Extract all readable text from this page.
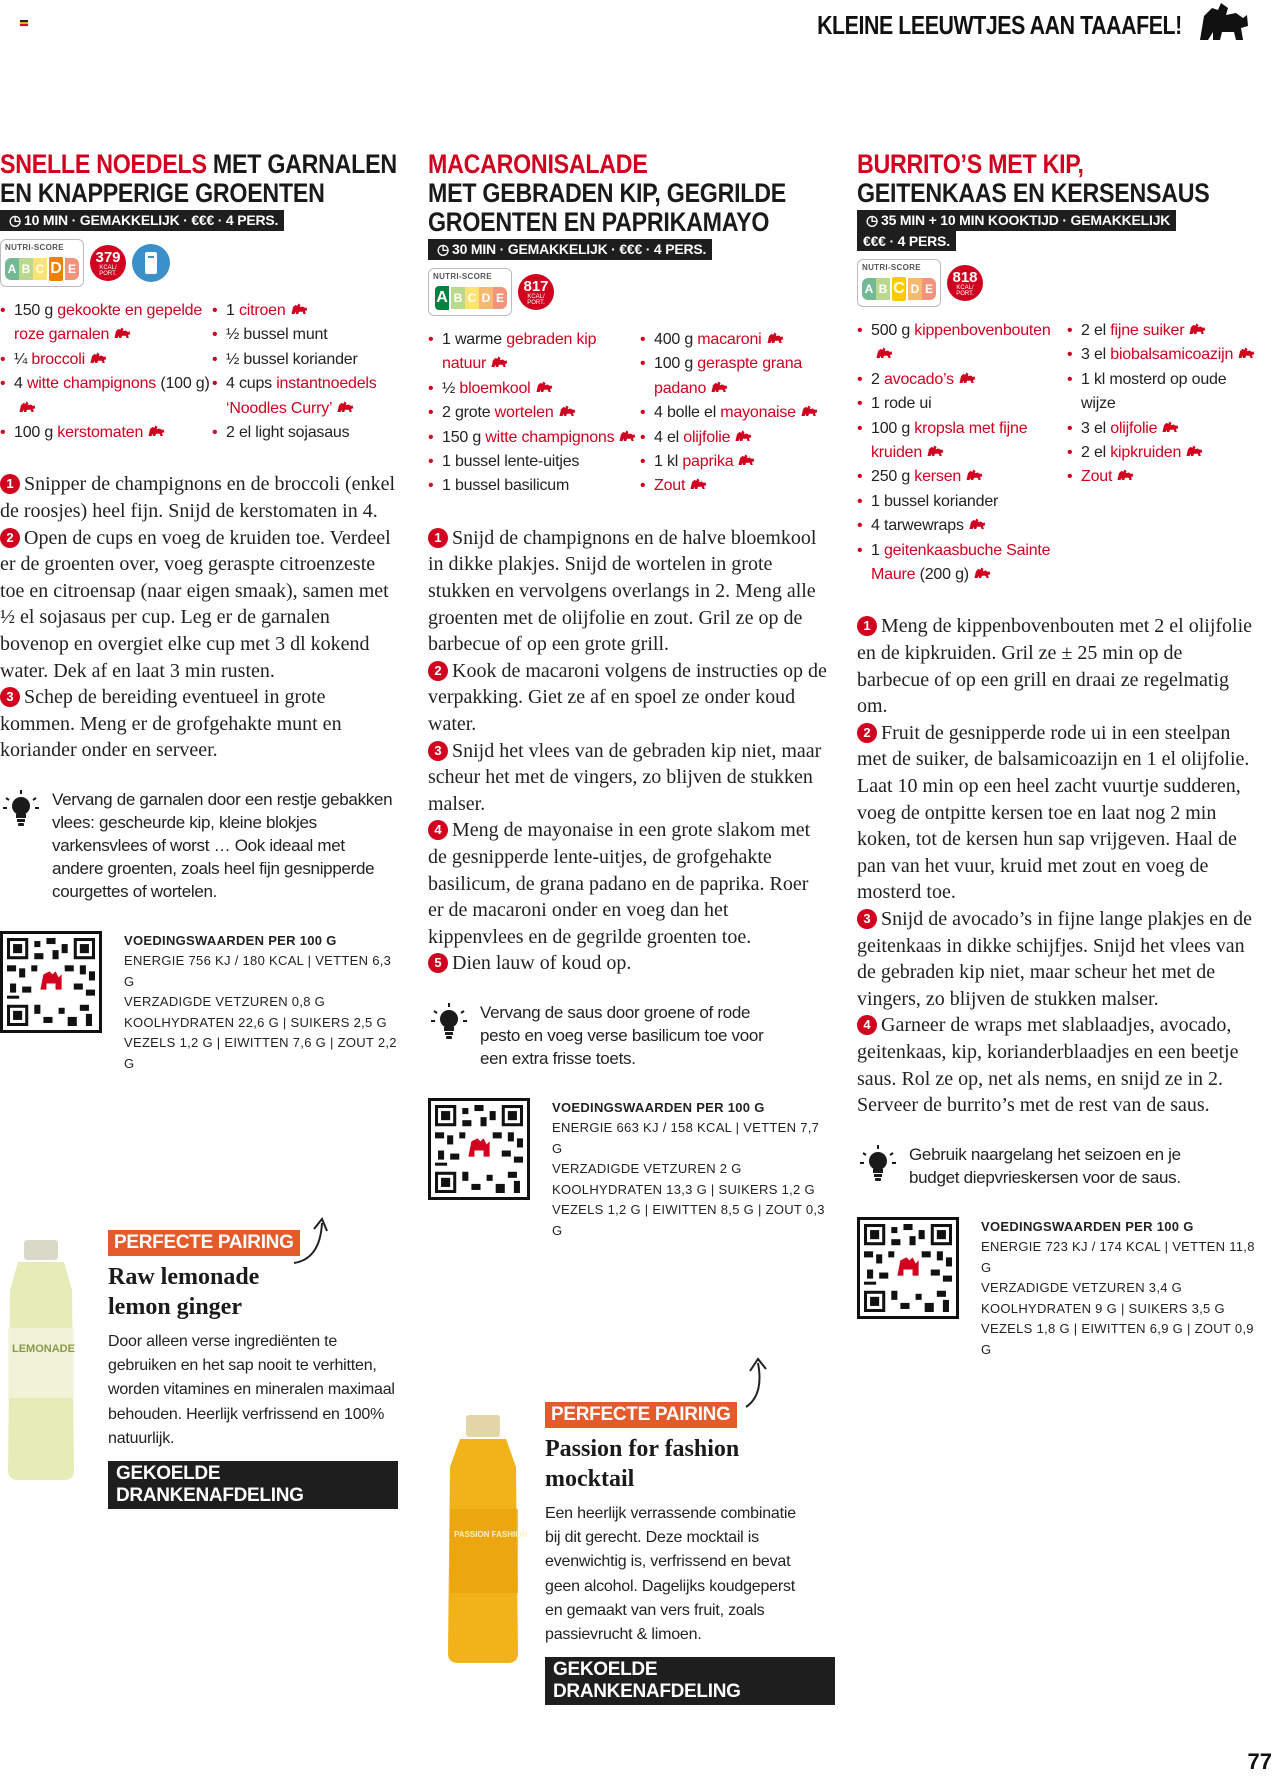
KLEINE LEEUWTJES AAN TAAAFEL!
SNELLE NOEDELS MET GARNALEN EN KNAPPERIGE GROENTEN
◷ 10 MIN · GEMAKKELIJK · €€€ · 4 PERS.
NUTRI-SCORE
A B C D E
379
KCAL/ PORT.
• 150 g gekookte en gepelde roze garnalen
• ¼ broccoli
• 4 witte champignons (100 g)
• 100 g kerstomaten
• 1 citroen
• ½ bussel munt
• ½ bussel koriander
• 4 cups instantnoedels ‘Noodles Curry’
• 2 el light sojasaus

1 Snipper de champignons en de broccoli (enkel de roosjes) heel fijn. Snijd de kerstomaten in 4.

2 Open de cups en voeg de kruiden toe. Verdeel er de groenten over, voeg geraspte citroenzeste toe en citroensap (naar eigen smaak), samen met ½ el sojasaus per cup. Leg er de garnalen bovenop en overgiet elke cup met 3 dl kokend water. Dek af en laat 3 min rusten.

3 Schep de bereiding eventueel in grote kommen. Meng er de grofgehakte munt en koriander onder en serveer.

Vervang de garnalen door een restje gebakken vlees: gescheurde kip, kleine blokjes varkensvlees of worst … Ook ideaal met andere groenten, zoals heel fijn gesnipperde courgettes of wortelen.
VOEDINGSWAARDEN PER 100 G
ENERGIE 756 KJ / 180 KCAL | VETTEN 6,3 G
VERZADIGDE VETZUREN 0,8 G
KOOLHYDRATEN 22,6 G | SUIKERS 2,5 G
VEZELS 1,2 G | EIWITTEN 7,6 G | ZOUT 2,2 G
MACARONISALADE
MET GEBRADEN KIP, GEGRILDE GROENTEN EN PAPRIKAMAYO
◷ 30 MIN · GEMAKKELIJK · €€€ · 4 PERS.
NUTRI-SCORE
A B C D E
817
KCAL/ PORT.
• 1 warme gebraden kip natuur
• ½ bloemkool
• 2 grote wortelen
• 150 g witte champignons
• 1 bussel lente-uitjes
• 1 bussel basilicum
• 400 g macaroni
• 100 g geraspte grana padano
• 4 bolle el mayonaise
• 4 el olijfolie
• 1 kl paprika
• Zout

1 Snijd de champignons en de halve bloemkool in dikke plakjes. Snijd de wortelen in grote stukken en vervolgens overlangs in 2. Meng alle groenten met de olijfolie en zout. Gril ze op de barbecue of op een grote grill.

2 Kook de macaroni volgens de instructies op de verpakking. Giet ze af en spoel ze onder koud water.

3 Snijd het vlees van de gebraden kip niet, maar scheur het met de vingers, zo blijven de stukken malser.

4 Meng de mayonaise in een grote slakom met de gesnipperde lente-uitjes, de grofgehakte basilicum, de grana padano en de paprika. Roer er de macaroni onder en voeg dan het kippenvlees en de gegrilde groenten toe.

5 Dien lauw of koud op.

Vervang de saus door groene of rode pesto en voeg verse basilicum toe voor een extra frisse toets.
VOEDINGSWAARDEN PER 100 G
ENERGIE 663 KJ / 158 KCAL | VETTEN 7,7 G
VERZADIGDE VETZUREN 2 G
KOOLHYDRATEN 13,3 G | SUIKERS 1,2 G
VEZELS 1,2 G | EIWITTEN 8,5 G | ZOUT 0,3 G
BURRITO’S MET KIP,
GEITENKAAS EN KERSENSAUS
◷ 35 MIN + 10 MIN KOOKTIJD · GEMAKKELIJK
€€€ · 4 PERS.
NUTRI-SCORE
A B C D E
818
KCAL/ PORT.
• 500 g kippenbovenbouten
• 2 avocado’s
• 1 rode ui
• 100 g kropsla met fijne kruiden
• 250 g kersen
• 1 bussel koriander
• 4 tarwewraps
• 1 geitenkaasbuche Sainte Maure (200 g)
• 2 el fijne suiker
• 3 el biobalsamicoazijn
• 1 kl mosterd op oude wijze
• 3 el olijfolie
• 2 el kipkruiden
• Zout

1 Meng de kippenbovenbouten met 2 el olijfolie en de kipkruiden. Gril ze ± 25 min op de barbecue of op een grill en draai ze regelmatig om.

2 Fruit de gesnipperde rode ui in een steelpan met de suiker, de balsamicoazijn en 1 el olijfolie. Laat 10 min op een heel zacht vuurtje sudderen, voeg de ontpitte kersen toe en laat nog 2 min koken, tot de kersen hun sap vrijgeven. Haal de pan van het vuur, kruid met zout en voeg de mosterd toe.

3 Snijd de avocado’s in fijne lange plakjes en de geitenkaas in dikke schijfjes. Snijd het vlees van de gebraden kip niet, maar scheur het met de vingers, zo blijven de stukken malser.

4 Garneer de wraps met slablaadjes, avocado, geitenkaas, kip, korianderblaadjes en een beetje saus. Rol ze op, net als nems, en snijd ze in 2. Serveer de burrito’s met de rest van de saus.

Gebruik naargelang het seizoen en je budget diepvrieskersen voor de saus.
VOEDINGSWAARDEN PER 100 G
ENERGIE 723 KJ / 174 KCAL | VETTEN 11,8 G
VERZADIGDE VETZUREN 3,4 G
KOOLHYDRATEN 9 G | SUIKERS 3,5 G
VEZELS 1,8 G | EIWITTEN 6,9 G | ZOUT 0,9 G
LEMONADE
PERFECTE PAIRING
Raw lemonade lemon ginger
Door alleen verse ingrediënten te gebruiken en het sap nooit te verhitten, worden vitamines en mineralen maximaal behouden. Heerlijk verfrissend en 100% natuurlijk.
GEKOELDE DRANKENAFDELING
PASSION FASHION
PERFECTE PAIRING
Passion for fashion mocktail
Een heerlijk verrassende combinatie bij dit gerecht. Deze mocktail is evenwichtig is, verfrissend en bevat geen alcohol. Dagelijks koudgeperst en gemaakt van vers fruit, zoals passievrucht & limoen.
GEKOELDE DRANKENAFDELING
77
